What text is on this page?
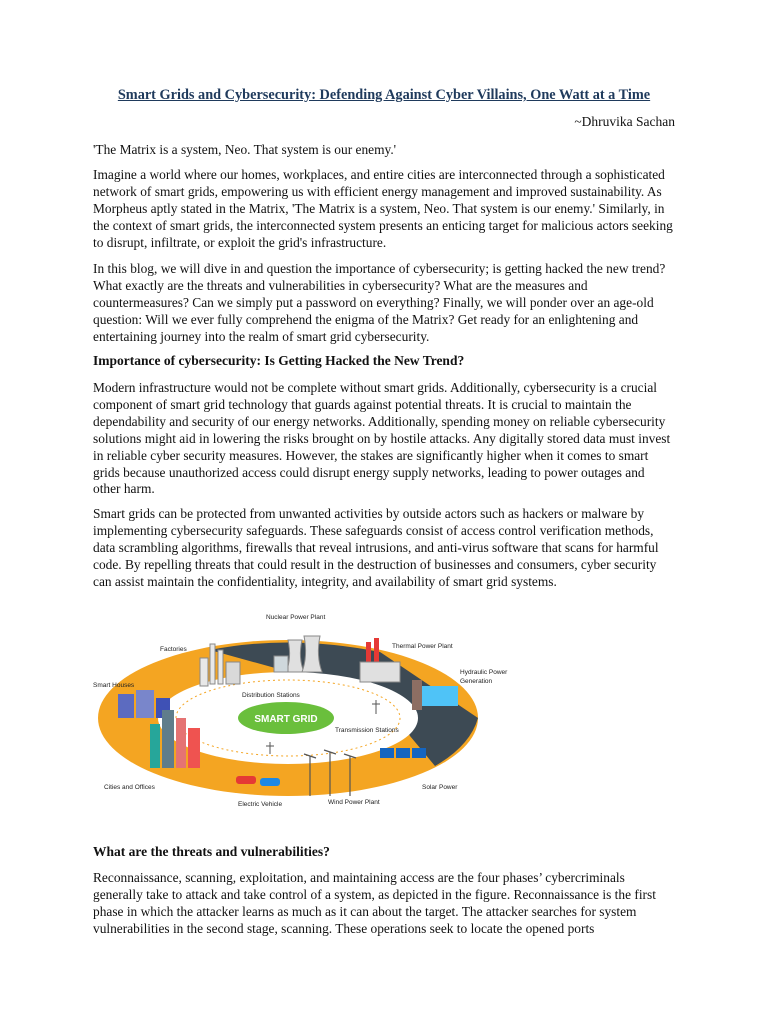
Smart Grids and Cybersecurity: Defending Against Cyber Villains, One Watt at a Time
~Dhruvika Sachan

'The Matrix is a system, Neo. That system is our enemy.'

Imagine a world where our homes, workplaces, and entire cities are interconnected through a sophisticated network of smart grids, empowering us with efficient energy management and improved sustainability. As Morpheus aptly stated in the Matrix, 'The Matrix is a system, Neo. That system is our enemy.' Similarly, in the context of smart grids, the interconnected system presents an enticing target for malicious actors seeking to disrupt, infiltrate, or exploit the grid's infrastructure.

In this blog, we will dive in and question the importance of cybersecurity; is getting hacked the new trend? What exactly are the threats and vulnerabilities in cybersecurity? What are the measures and countermeasures? Can we simply put a password on everything? Finally, we will ponder over an age-old question: Will we ever fully comprehend the enigma of the Matrix? Get ready for an enlightening and entertaining journey into the realm of smart grid cybersecurity.

Importance of cybersecurity: Is Getting Hacked the New Trend?

Modern infrastructure would not be complete without smart grids. Additionally, cybersecurity is a crucial component of smart grid technology that guards against potential threats. It is crucial to maintain the dependability and security of our energy networks. Additionally, spending money on reliable cybersecurity solutions might aid in lowering the risks brought on by hostile attacks. Any digitally stored data must invest in reliable cyber security measures. However, the stakes are significantly higher when it comes to smart grids because unauthorized access could disrupt energy supply networks, leading to power outages and other harm.

Smart grids can be protected from unwanted activities by outside actors such as hackers or malware by implementing cybersecurity safeguards. These safeguards consist of access control verification methods, data scrambling algorithms, firewalls that reveal intrusions, and anti-virus software that scans for harmful code. By repelling threats that could result in the destruction of businesses and consumers, cyber security can assist maintain the confidentiality, integrity, and availability of smart grid systems.

SMART GRID
Nuclear Power Plant
Factories	Thermal Power Plant
Hydraulic Power
Generation
Smart Houses
Distribution Stations
Transmission Stations
Cities and Offices
Electric Vehicle	Wind Power Plant
Solar Power

What are the threats and vulnerabilities?

Reconnaissance, scanning, exploitation, and maintaining access are the four phases’ cybercriminals generally take to attack and take control of a system, as depicted in the figure. Reconnaissance is the first phase in which the attacker learns as much as it can about the target. The attacker searches for system vulnerabilities in the second stage, scanning. These operations seek to locate the opened ports
